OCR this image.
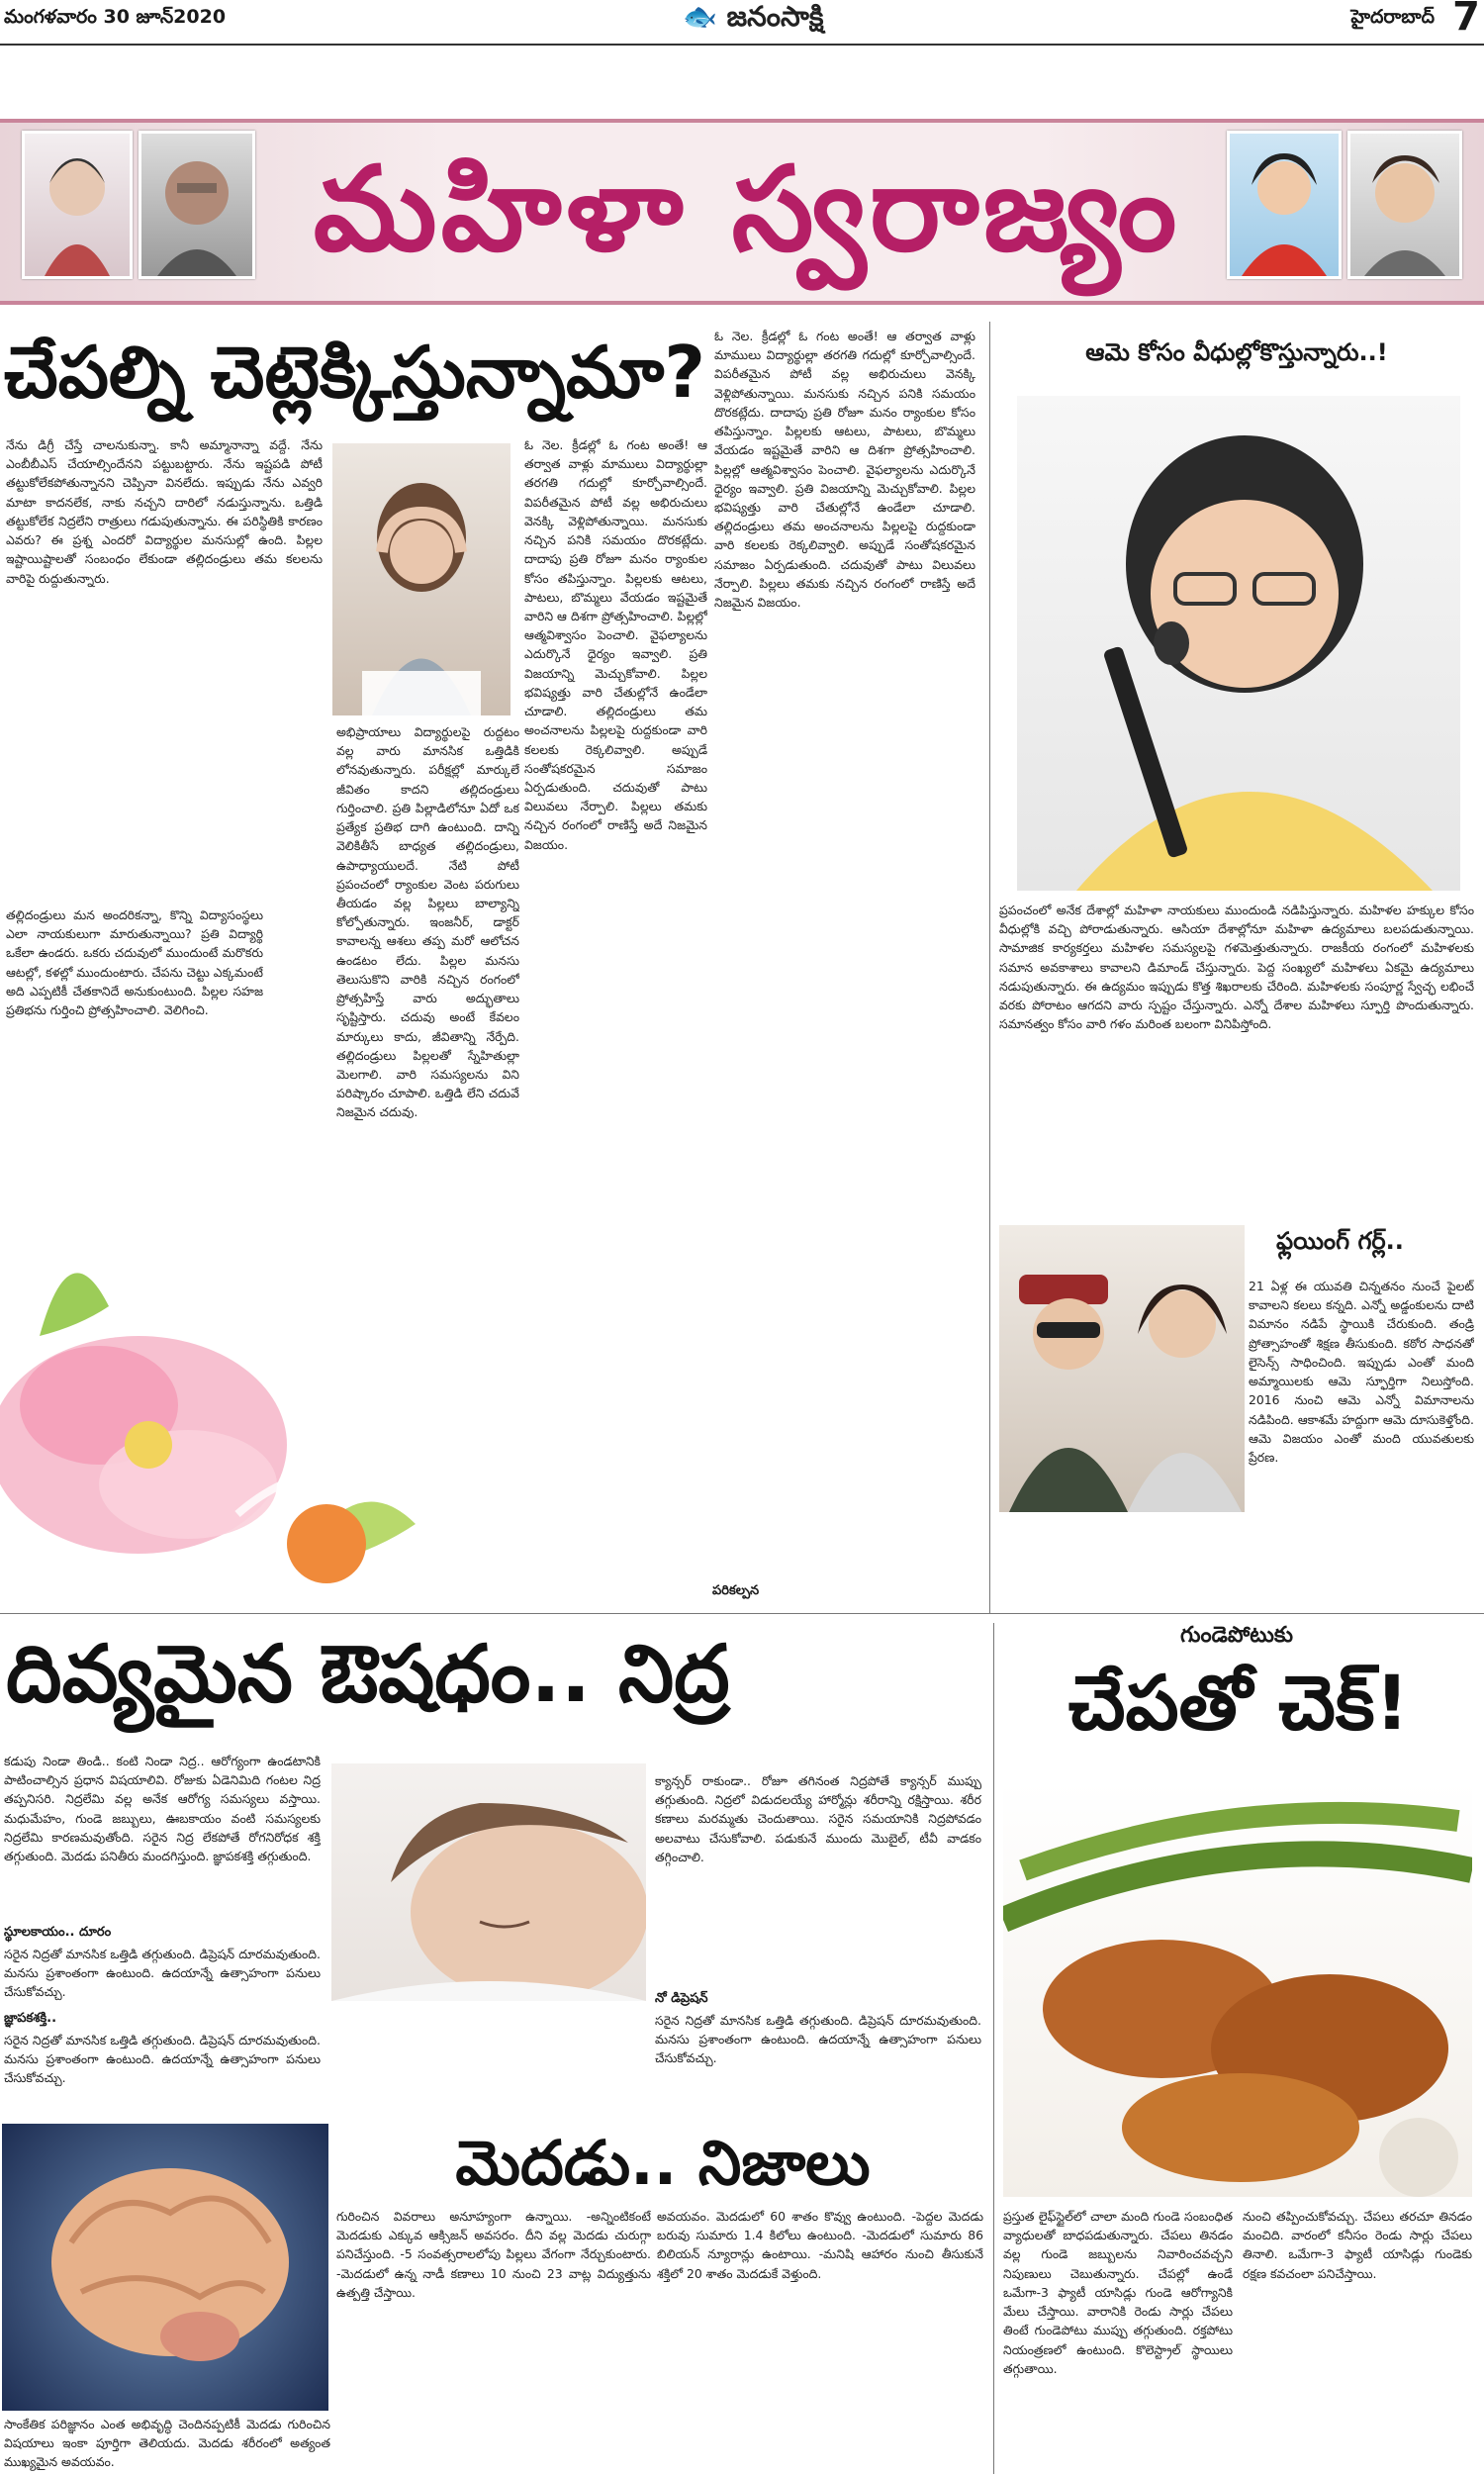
మంగళవారం 30 జూన్2020	🐟 జనంసాక్షి	హైదరాబాద్ 7
మహిళా స్వరాజ్యం
చేపల్ని చెట్లెక్కిస్తున్నామా?
నేను డిగ్రీ చేస్తే చాలనుకున్నా. కానీ అమ్మానాన్నా వద్దే. నేను ఎంబీబీఎస్‌ చేయాల్సిందేనని పట్టుబట్టారు. నేను ఇష్టపడి పోటీ తట్టుకోలేకపోతున్నానని చెప్పినా వినలేదు. ఇప్పుడు నేను ఎవ్వరి మాటా కాదనలేక, నాకు నచ్చని దారిలో నడుస్తున్నాను. ఒత్తిడి తట్టుకోలేక నిద్రలేని రాత్రులు గడుపుతున్నాను. ఈ పరిస్థితికి కారణం ఎవరు? ఈ ప్రశ్న ఎందరో విద్యార్థుల మనసుల్లో ఉంది. పిల్లల ఇష్టాయిష్టాలతో సంబంధం లేకుండా తల్లిదండ్రులు తమ కలలను వారిపై రుద్దుతున్నారు.
తల్లిదండ్రులు మన అందరికన్నా, కొన్ని విద్యాసంస్థలు ఎలా నాయకులుగా మారుతున్నాయి? ప్రతి విద్యార్థి ఒకేలా ఉండరు. ఒకరు చదువులో ముందుంటే మరొకరు ఆటల్లో, కళల్లో ముందుంటారు. చేపను చెట్టు ఎక్కమంటే అది ఎప్పటికీ చేతకానిదే అనుకుంటుంది. పిల్లల సహజ ప్రతిభను గుర్తించి ప్రోత్సహించాలి. వెలిగించి.
అభిప్రాయాలు విద్యార్థులపై రుద్దటం వల్ల వారు మానసిక ఒత్తిడికి లోనవుతున్నారు. పరీక్షల్లో మార్కులే జీవితం కాదని తల్లిదండ్రులు గుర్తించాలి. ప్రతి పిల్లాడిలోనూ ఏదో ఒక ప్రత్యేక ప్రతిభ దాగి ఉంటుంది. దాన్ని వెలికితీసే బాధ్యత తల్లిదండ్రులు, ఉపాధ్యాయులదే. నేటి పోటీ ప్రపంచంలో ర్యాంకుల వెంట పరుగులు తీయడం వల్ల పిల్లలు బాల్యాన్ని కోల్పోతున్నారు. ఇంజనీర్‌, డాక్టర్‌ కావాలన్న ఆశలు తప్ప మరో ఆలోచన ఉండటం లేదు. పిల్లల మనసు తెలుసుకొని వారికి నచ్చిన రంగంలో ప్రోత్సహిస్తే వారు అద్భుతాలు సృష్టిస్తారు. చదువు అంటే కేవలం మార్కులు కాదు, జీవితాన్ని నేర్పేది. తల్లిదండ్రులు పిల్లలతో స్నేహితుల్లా మెలగాలి. వారి సమస్యలను విని పరిష్కారం చూపాలి. ఒత్తిడి లేని చదువే నిజమైన చదువు.
ఓ నెల. క్రీడల్లో ఓ గంట అంతే! ఆ తర్వాత వాళ్లు మాములు విద్యార్థుల్లా తరగతి గదుల్లో కూర్చోవాల్సిందే. విపరీతమైన పోటీ వల్ల అభిరుచులు వెనక్కి వెళ్లిపోతున్నాయి. మనసుకు నచ్చిన పనికి సమయం దొరకట్లేదు. దాదాపు ప్రతి రోజూ మనం ర్యాంకుల కోసం తపిస్తున్నాం. పిల్లలకు ఆటలు, పాటలు, బొమ్మలు వేయడం ఇష్టమైతే వారిని ఆ దిశగా ప్రోత్సహించాలి. పిల్లల్లో ఆత్మవిశ్వాసం పెంచాలి. వైఫల్యాలను ఎదుర్కొనే ధైర్యం ఇవ్వాలి. ప్రతి విజయాన్ని మెచ్చుకోవాలి. పిల్లల భవిష్యత్తు వారి చేతుల్లోనే ఉండేలా చూడాలి. తల్లిదండ్రులు తమ అంచనాలను పిల్లలపై రుద్దకుండా వారి కలలకు రెక్కలివ్వాలి. అప్పుడే సంతోషకరమైన సమాజం ఏర్పడుతుంది. చదువుతో పాటు విలువలు నేర్పాలి. పిల్లలు తమకు నచ్చిన రంగంలో రాణిస్తే అదే నిజమైన విజయం.
ఓ నెల. క్రీడల్లో ఓ గంట అంతే! ఆ తర్వాత వాళ్లు మాములు విద్యార్థుల్లా తరగతి గదుల్లో కూర్చోవాల్సిందే. విపరీతమైన పోటీ వల్ల అభిరుచులు వెనక్కి వెళ్లిపోతున్నాయి. మనసుకు నచ్చిన పనికి సమయం దొరకట్లేదు. దాదాపు ప్రతి రోజూ మనం ర్యాంకుల కోసం తపిస్తున్నాం. పిల్లలకు ఆటలు, పాటలు, బొమ్మలు వేయడం ఇష్టమైతే వారిని ఆ దిశగా ప్రోత్సహించాలి. పిల్లల్లో ఆత్మవిశ్వాసం పెంచాలి. వైఫల్యాలను ఎదుర్కొనే ధైర్యం ఇవ్వాలి. ప్రతి విజయాన్ని మెచ్చుకోవాలి. పిల్లల భవిష్యత్తు వారి చేతుల్లోనే ఉండేలా చూడాలి. తల్లిదండ్రులు తమ అంచనాలను పిల్లలపై రుద్దకుండా వారి కలలకు రెక్కలివ్వాలి. అప్పుడే సంతోషకరమైన సమాజం ఏర్పడుతుంది. చదువుతో పాటు విలువలు నేర్పాలి. పిల్లలు తమకు నచ్చిన రంగంలో రాణిస్తే అదే నిజమైన విజయం.
పరికల్పన
ఆమె కోసం వీధుల్లోకొస్తున్నారు..!
ప్రపంచంలో అనేక దేశాల్లో మహిళా నాయకులు ముందుండి నడిపిస్తున్నారు. మహిళల హక్కుల కోసం వీధుల్లోకి వచ్చి పోరాడుతున్నారు. ఆసియా దేశాల్లోనూ మహిళా ఉద్యమాలు బలపడుతున్నాయి. సామాజిక కార్యకర్తలు మహిళల సమస్యలపై గళమెత్తుతున్నారు. రాజకీయ రంగంలో మహిళలకు సమాన అవకాశాలు కావాలని డిమాండ్‌ చేస్తున్నారు. పెద్ద సంఖ్యలో మహిళలు ఏకమై ఉద్యమాలు నడుపుతున్నారు. ఈ ఉద్యమం ఇప్పుడు కొత్త శిఖరాలకు చేరింది. మహిళలకు సంపూర్ణ స్వేచ్ఛ లభించే వరకు పోరాటం ఆగదని వారు స్పష్టం చేస్తున్నారు. ఎన్నో దేశాల మహిళలు స్ఫూర్తి పొందుతున్నారు. సమానత్వం కోసం వారి గళం మరింత బలంగా వినిపిస్తోంది.
ఫ్లయింగ్‌ గర్ల్‌..
21 ఏళ్ల ఈ యువతి చిన్నతనం నుంచే పైలట్‌ కావాలని కలలు కన్నది. ఎన్నో అడ్డంకులను దాటి విమానం నడిపే స్థాయికి చేరుకుంది. తండ్రి ప్రోత్సాహంతో శిక్షణ తీసుకుంది. కఠోర సాధనతో లైసెన్స్‌ సాధించింది. ఇప్పుడు ఎంతో మంది అమ్మాయిలకు ఆమె స్ఫూర్తిగా నిలుస్తోంది. 2016 నుంచి ఆమె ఎన్నో విమానాలను నడిపింది. ఆకాశమే హద్దుగా ఆమె దూసుకెళ్తోంది. ఆమె విజయం ఎంతో మంది యువతులకు ప్రేరణ.
దివ్యమైన ఔషధం.. నిద్ర
కడుపు నిండా తిండి.. కంటి నిండా నిద్ర.. ఆరోగ్యంగా ఉండటానికి పాటించాల్సిన ప్రధాన విషయాలివి. రోజుకు ఏడెనిమిది గంటల నిద్ర తప్పనిసరి. నిద్రలేమి వల్ల అనేక ఆరోగ్య సమస్యలు వస్తాయి. మధుమేహం, గుండె జబ్బులు, ఊబకాయం వంటి సమస్యలకు నిద్రలేమి కారణమవుతోంది. సరైన నిద్ర లేకపోతే రోగనిరోధక శక్తి తగ్గుతుంది. మెదడు పనితీరు మందగిస్తుంది. జ్ఞాపకశక్తి తగ్గుతుంది.
స్థూలకాయం.. దూరం
సరైన నిద్రతో మానసిక ఒత్తిడి తగ్గుతుంది. డిప్రెషన్‌ దూరమవుతుంది. మనసు ప్రశాంతంగా ఉంటుంది. ఉదయాన్నే ఉత్సాహంగా పనులు చేసుకోవచ్చు.
జ్ఞాపకశక్తి..
సరైన నిద్రతో మానసిక ఒత్తిడి తగ్గుతుంది. డిప్రెషన్‌ దూరమవుతుంది. మనసు ప్రశాంతంగా ఉంటుంది. ఉదయాన్నే ఉత్సాహంగా పనులు చేసుకోవచ్చు.
క్యాన్సర్‌ రాకుండా.. రోజూ తగినంత నిద్రపోతే క్యాన్సర్‌ ముప్పు తగ్గుతుంది. నిద్రలో విడుదలయ్యే హార్మోన్లు శరీరాన్ని రక్షిస్తాయి. శరీర కణాలు మరమ్మతు చెందుతాయి. సరైన సమయానికి నిద్రపోవడం అలవాటు చేసుకోవాలి. పడుకునే ముందు మొబైల్‌, టీవీ వాడకం తగ్గించాలి.
నో డిప్రెషన్‌
సరైన నిద్రతో మానసిక ఒత్తిడి తగ్గుతుంది. డిప్రెషన్‌ దూరమవుతుంది. మనసు ప్రశాంతంగా ఉంటుంది. ఉదయాన్నే ఉత్సాహంగా పనులు చేసుకోవచ్చు.
గుండెపోటుకు
చేపతో చెక్‌!
ప్రస్తుత లైఫ్‌స్టైల్‌లో చాలా మంది గుండె సంబంధిత వ్యాధులతో బాధపడుతున్నారు. చేపలు తినడం వల్ల గుండె జబ్బులను నివారించవచ్చని నిపుణులు చెబుతున్నారు. చేపల్లో ఉండే ఒమేగా-3 ఫ్యాటీ యాసిడ్లు గుండె ఆరోగ్యానికి మేలు చేస్తాయి. వారానికి రెండు సార్లు చేపలు తింటే గుండెపోటు ముప్పు తగ్గుతుంది. రక్తపోటు నియంత్రణలో ఉంటుంది. కొలెస్ట్రాల్‌ స్థాయిలు తగ్గుతాయి.
నుంచి తప్పించుకోవచ్చు. చేపలు తరచూ తినడం మంచిది. వారంలో కనీసం రెండు సార్లు చేపలు తినాలి. ఒమేగా-3 ఫ్యాటీ యాసిడ్లు గుండెకు రక్షణ కవచంలా పనిచేస్తాయి.
మెదడు.. నిజాలు
సాంకేతిక పరిజ్ఞానం ఎంత అభివృద్ధి చెందినప్పటికీ మెదడు గురించిన విషయాలు ఇంకా పూర్తిగా తెలియదు. మెదడు శరీరంలో అత్యంత ముఖ్యమైన అవయవం.
గురించిన వివరాలు అనూహ్యంగా ఉన్నాయి. -అన్నింటికంటే మెదడుకు ఎక్కువ ఆక్సిజన్‌ అవసరం. దీని వల్ల మెదడు చురుగ్గా పనిచేస్తుంది. -5 సంవత్సరాలలోపు పిల్లలు వేగంగా నేర్చుకుంటారు. -మెదడులో ఉన్న నాడీ కణాలు 10 నుంచి 23 వాట్ల విద్యుత్తును ఉత్పత్తి చేస్తాయి.
అవయవం. మెదడులో 60 శాతం కొవ్వు ఉంటుంది. -పెద్దల మెదడు బరువు సుమారు 1.4 కిలోలు ఉంటుంది. -మెదడులో సుమారు 86 బిలియన్‌ న్యూరాన్లు ఉంటాయి. -మనిషి ఆహారం నుంచి తీసుకునే శక్తిలో 20 శాతం మెదడుకే వెళ్తుంది.
